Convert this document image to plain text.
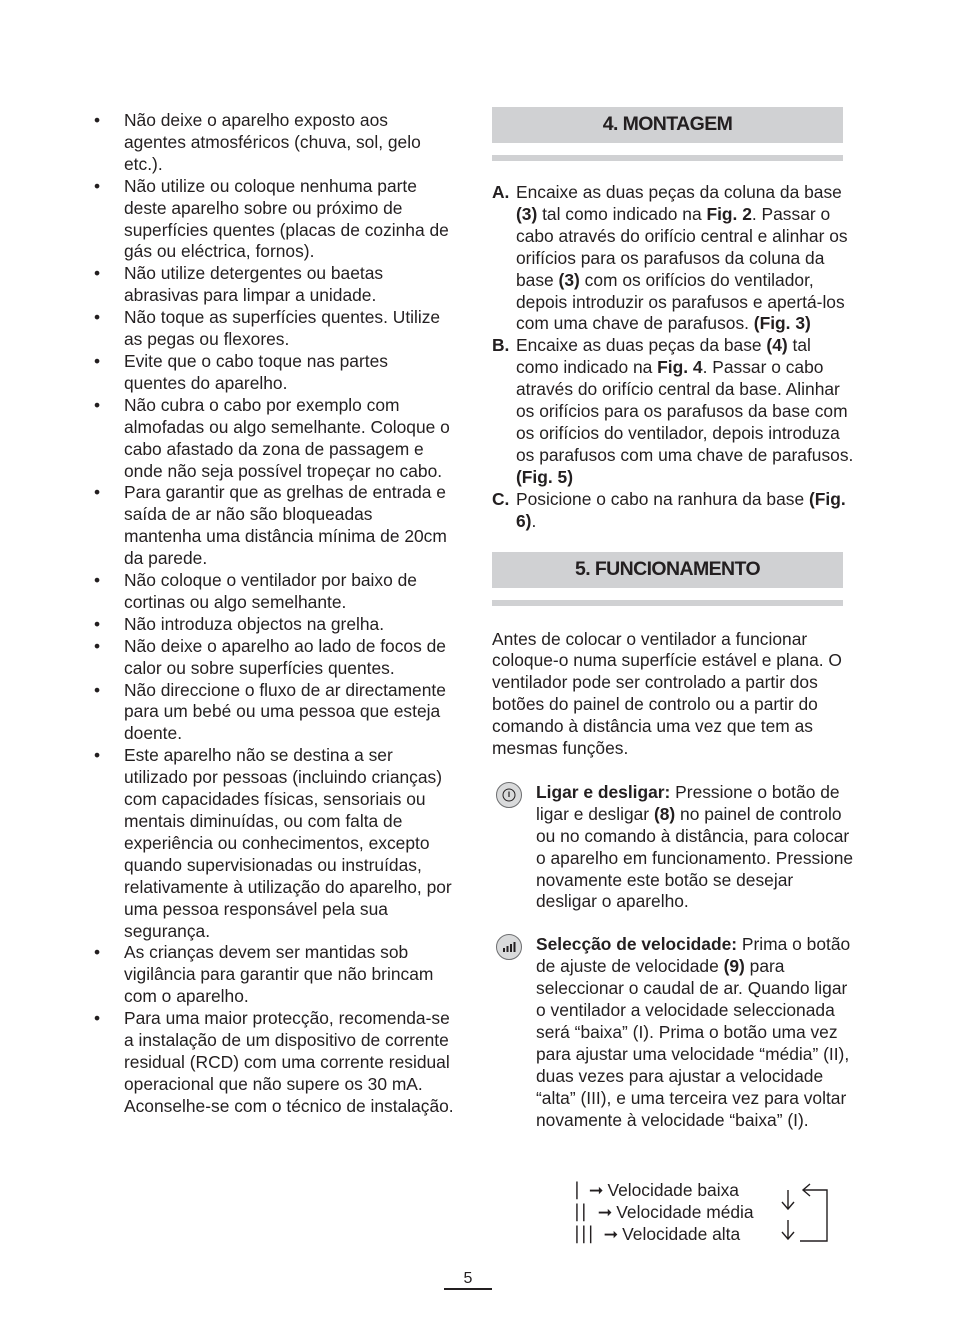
• Não deixe o aparelho exposto aos agentes atmosféricos (chuva, sol, gelo etc.).
• Não utilize ou coloque nenhuma parte deste aparelho sobre ou próximo de superfícies quentes (placas de cozinha de gás ou eléctrica, fornos).
• Não utilize detergentes ou baetas abrasivas para limpar a unidade.
• Não toque as superfícies quentes. Utilize as pegas ou flexores.
• Evite que o cabo toque nas partes quentes do aparelho.
• Não cubra o cabo por exemplo com almofadas ou algo semelhante. Coloque o cabo afastado da zona de passagem e onde não seja possível tropeçar no cabo.
• Para garantir que as grelhas de entrada e saída de ar não são bloqueadas mantenha uma distância mínima de 20cm da parede.
• Não coloque o ventilador por baixo de cortinas ou algo semelhante.
• Não introduza objectos na grelha.
• Não deixe o aparelho ao lado de focos de calor ou sobre superfícies quentes.
• Não direccione o fluxo de ar directamente para um bebé ou uma pessoa que esteja doente.
• Este aparelho não se destina a ser utilizado por pessoas (incluindo crianças) com capacidades físicas, sensoriais ou mentais diminuídas, ou com falta de experiência ou conhecimentos, excepto quando supervisionadas ou instruídas, relativamente à utilização do aparelho, por uma pessoa responsável pela sua segurança.
• As crianças devem ser mantidas sob vigilância para garantir que não brincam com o aparelho.
• Para uma maior protecção, recomenda-se a instalação de um dispositivo de corrente residual (RCD) com uma corrente residual operacional que não supere os 30 mA. Aconselhe-se com o técnico de instalação.
4. MONTAGEM
A. Encaixe as duas peças da coluna da base (3) tal como indicado na Fig. 2. Passar o cabo através do orifício central e alinhar os orifícios para os parafusos da coluna da base (3) com os orifícios do ventilador, depois introduzir os parafusos e apertá-los com uma chave de parafusos. (Fig. 3)
B. Encaixe as duas peças da base (4) tal como indicado na Fig. 4. Passar o cabo através do orifício central da base. Alinhar os orifícios para os parafusos da base com os orifícios do ventilador, depois introduza os parafusos com uma chave de parafusos. (Fig. 5)
C. Posicione o cabo na ranhura da base (Fig. 6).
5. FUNCIONAMENTO
Antes de colocar o ventilador a funcionar coloque-o numa superfície estável e plana. O ventilador pode ser controlado a partir dos botões do painel de controlo ou a partir do comando à distância uma vez que tem as mesmas funções.
Ligar e desligar: Pressione o botão de ligar e desligar (8) no painel de controlo ou no comando à distância, para colocar o aparelho em funcionamento. Pressione novamente este botão se desejar desligar o aparelho.
Selecção de velocidade: Prima o botão de ajuste de velocidade (9) para seleccionar o caudal de ar. Quando ligar o ventilador a velocidade seleccionada será “baixa” (I). Prima o botão uma vez para ajustar uma velocidade “média” (II), duas vezes para ajustar a velocidade “alta” (III), e uma terceira vez para voltar novamente à velocidade “baixa” (I).
| ➞ Velocidade baixa
|| ➞ Velocidade média
||| ➞ Velocidade alta
5
